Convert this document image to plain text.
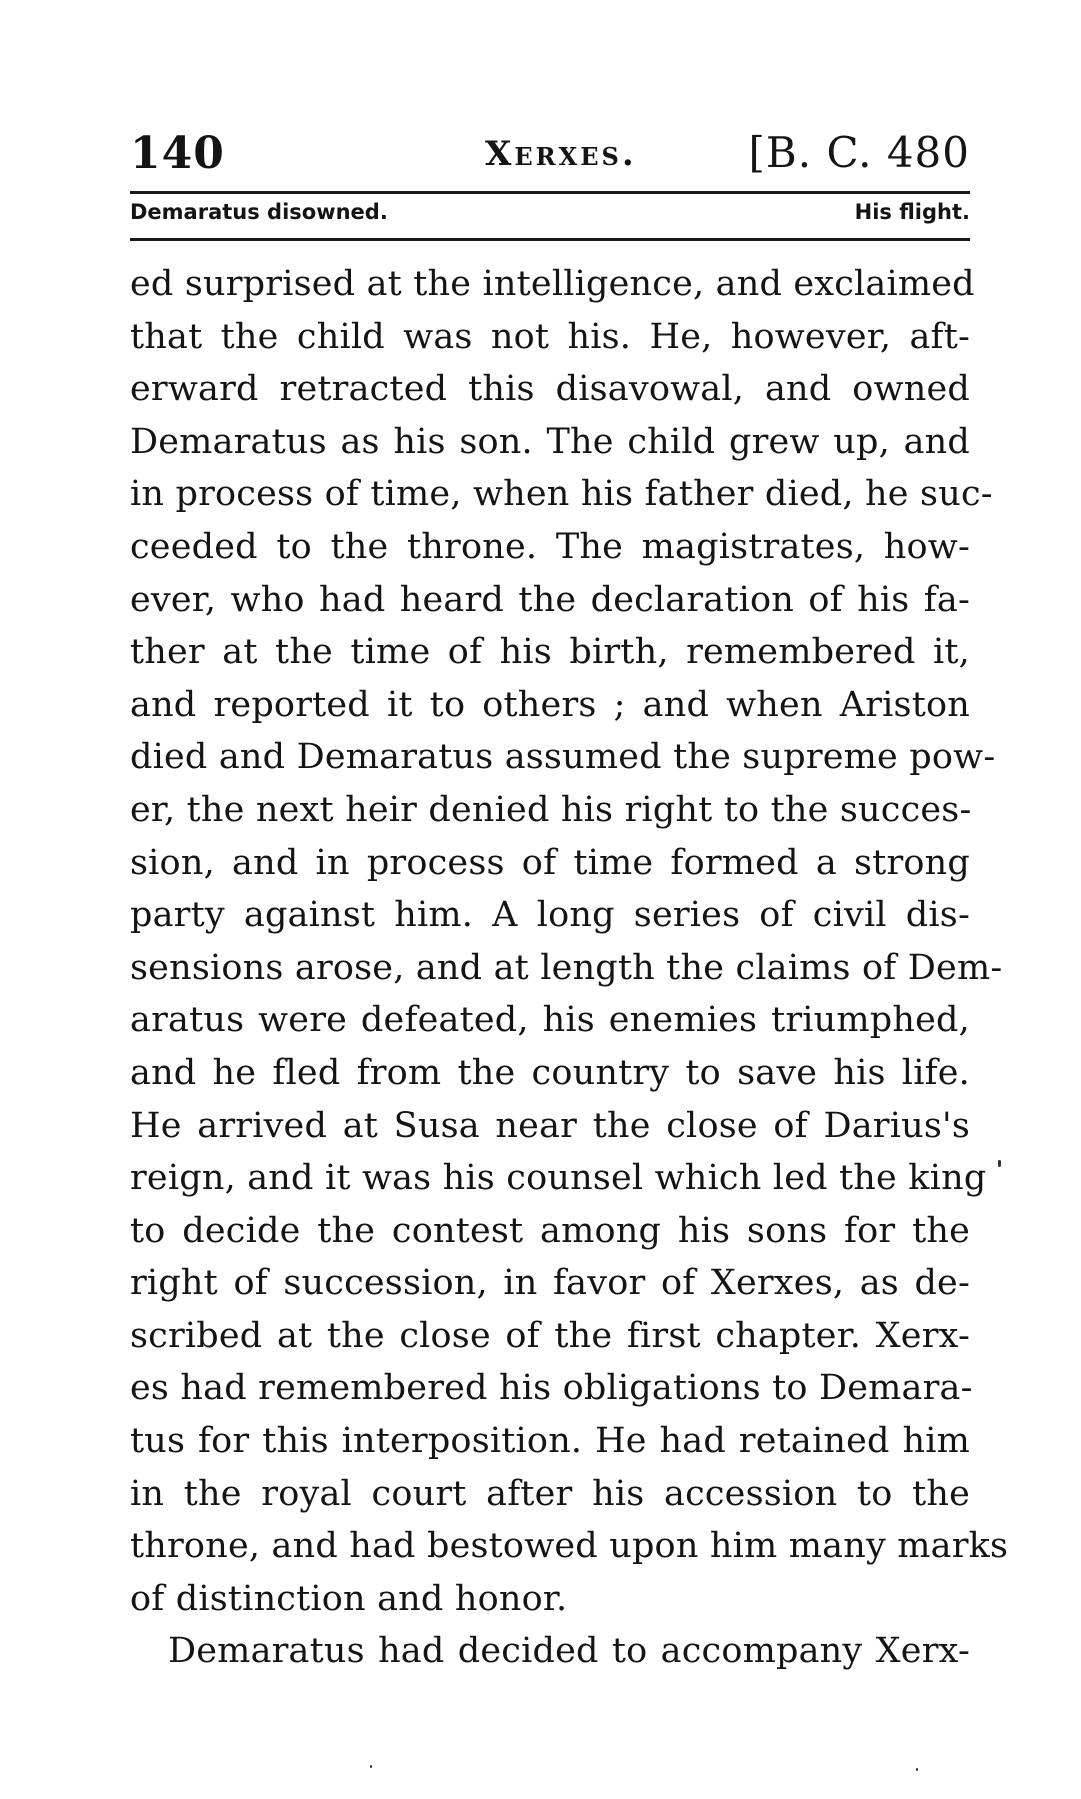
140	Xerxes.	[B. C. 480
Demaratus disowned.	His flight.
ed surprised at the intelligence, and exclaimed
that the child was not his. He, however, aft-
erward retracted this disavowal, and owned
Demaratus as his son. The child grew up, and
in process of time, when his father died, he suc-
ceeded to the throne. The magistrates, how-
ever, who had heard the declaration of his fa-
ther at the time of his birth, remembered it,
and reported it to others ; and when Ariston
died and Demaratus assumed the supreme pow-
er, the next heir denied his right to the succes-
sion, and in process of time formed a strong
party against him. A long series of civil dis-
sensions arose, and at length the claims of Dem-
aratus were defeated, his enemies triumphed,
and he fled from the country to save his life.
He arrived at Susa near the close of Darius's
reign, and it was his counsel which led the king
to decide the contest among his sons for the
right of succession, in favor of Xerxes, as de-
scribed at the close of the first chapter. Xerx-
es had remembered his obligations to Demara-
tus for this interposition. He had retained him
in the royal court after his accession to the
throne, and had bestowed upon him many marks
of distinction and honor.
Demaratus had decided to accompany Xerx-
